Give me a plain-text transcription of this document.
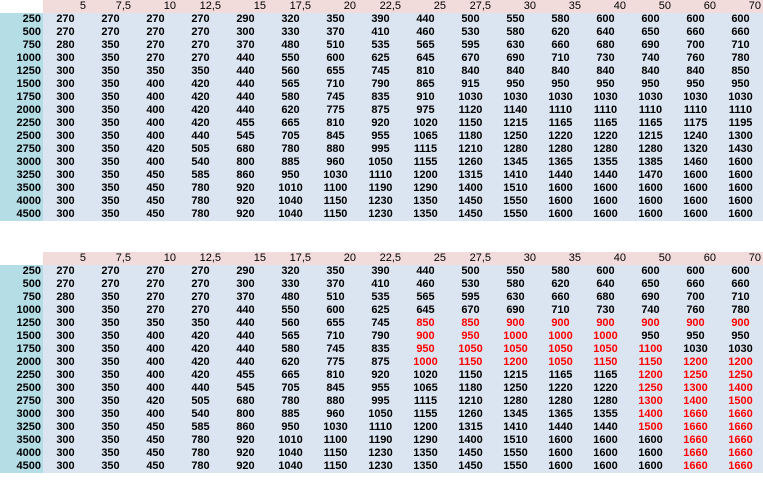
	5	7,5	10	12,5	15	17,5	20	22,5	25	27,5	30	35	40	50	60	70
250	270	270	270	270	290	320	350	390	440	500	550	580	600	600	600	600
500	270	270	270	270	300	330	370	410	460	530	580	620	640	650	660	660
750	280	350	270	270	370	480	510	535	565	595	630	660	680	690	700	710
1000	300	350	270	270	440	550	600	625	645	670	690	710	730	740	760	780
1250	300	350	350	350	440	560	655	745	810	840	840	840	840	840	840	850
1500	300	350	400	420	440	565	710	790	865	915	950	950	950	950	950	950
1750	300	350	400	420	440	580	745	835	910	1030	1030	1030	1030	1030	1030	1030
2000	300	350	400	420	440	620	775	875	975	1120	1140	1110	1110	1110	1110	1110
2250	300	350	400	420	455	665	810	920	1020	1150	1215	1165	1165	1165	1175	1195
2500	300	350	400	440	545	705	845	955	1065	1180	1250	1220	1220	1215	1240	1300
2750	300	350	420	505	680	780	880	995	1115	1210	1280	1280	1280	1280	1320	1430
3000	300	350	400	540	800	885	960	1050	1155	1260	1345	1365	1355	1385	1460	1600
3250	300	350	450	585	860	950	1030	1110	1200	1315	1410	1440	1440	1470	1600	1600
3500	300	350	450	780	920	1010	1100	1190	1290	1400	1510	1600	1600	1600	1600	1600
4000	300	350	450	780	920	1040	1150	1230	1350	1450	1550	1600	1600	1600	1600	1600
4500	300	350	450	780	920	1040	1150	1230	1350	1450	1550	1600	1600	1600	1600	1600
	5	7,5	10	12,5	15	17,5	20	22,5	25	27,5	30	35	40	50	60	70
250	270	270	270	270	290	320	350	390	440	500	550	580	600	600	600	600
500	270	270	270	270	300	330	370	410	460	530	580	620	640	650	660	660
750	280	350	270	270	370	480	510	535	565	595	630	660	680	690	700	710
1000	300	350	270	270	440	550	600	625	645	670	690	710	730	740	760	780
1250	300	350	350	350	440	560	655	745	850	850	900	900	900	900	900	900
1500	300	350	400	420	440	565	710	790	900	950	1000	1000	1000	950	950	950
1750	300	350	400	420	440	580	745	835	950	1050	1050	1050	1050	1100	1030	1030
2000	300	350	400	420	440	620	775	875	1000	1150	1200	1050	1150	1150	1200	1200
2250	300	350	400	420	455	665	810	920	1020	1150	1215	1165	1165	1200	1250	1250
2500	300	350	400	440	545	705	845	955	1065	1180	1250	1220	1220	1250	1300	1400
2750	300	350	420	505	680	780	880	995	1115	1210	1280	1280	1280	1300	1400	1500
3000	300	350	400	540	800	885	960	1050	1155	1260	1345	1365	1355	1400	1660	1660
3250	300	350	450	585	860	950	1030	1110	1200	1315	1410	1440	1440	1500	1660	1660
3500	300	350	450	780	920	1010	1100	1190	1290	1400	1510	1600	1600	1600	1660	1660
4000	300	350	450	780	920	1040	1150	1230	1350	1450	1550	1600	1600	1600	1660	1660
4500	300	350	450	780	920	1040	1150	1230	1350	1450	1550	1600	1600	1600	1660	1660
